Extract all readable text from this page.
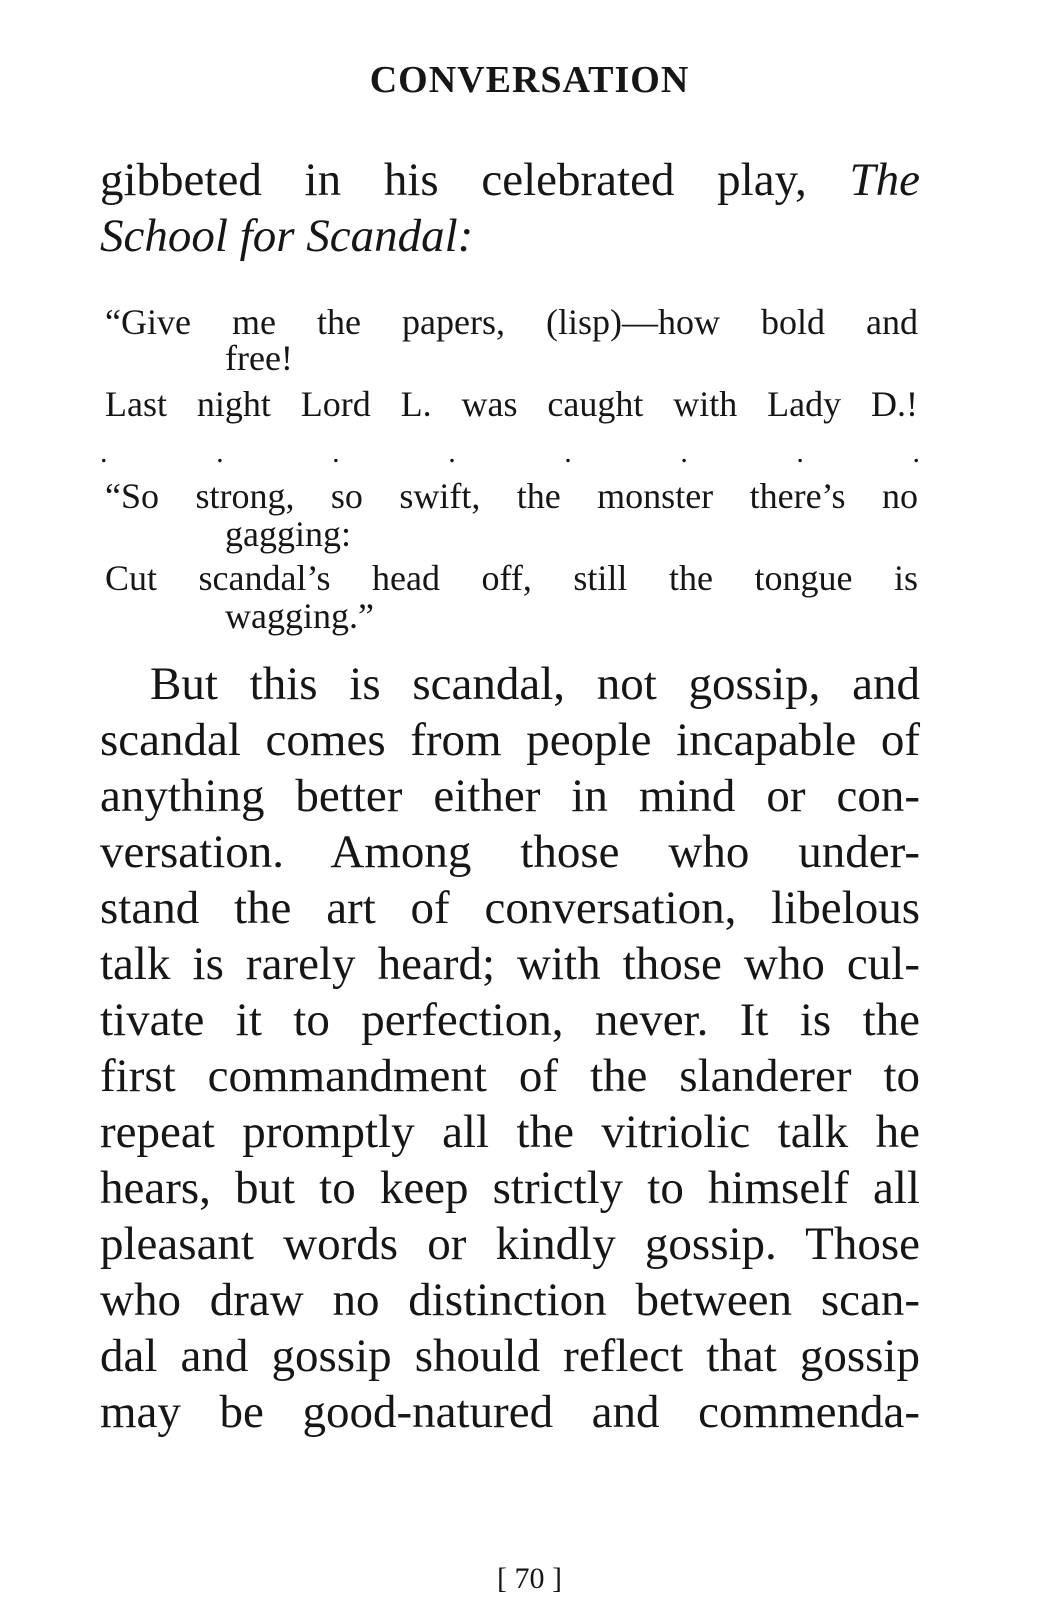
CONVERSATION
gibbeted in his celebrated play, The
School for Scandal:
“Give me the papers, (lisp)—how bold and
free!
Last night Lord L. was caught with Lady D.!
.	.	.	.	.	.	.	.
“So strong, so swift, the monster there’s no
gagging:
Cut scandal’s head off, still the tongue is
wagging.”
But this is scandal, not gossip, and
scandal comes from people incapable of
anything better either in mind or con-
versation. Among those who under-
stand the art of conversation, libelous
talk is rarely heard; with those who cul-
tivate it to perfection, never. It is the
first commandment of the slanderer to
repeat promptly all the vitriolic talk he
hears, but to keep strictly to himself all
pleasant words or kindly gossip. Those
who draw no distinction between scan-
dal and gossip should reflect that gossip
may be good-natured and commenda-
[ 70 ]
